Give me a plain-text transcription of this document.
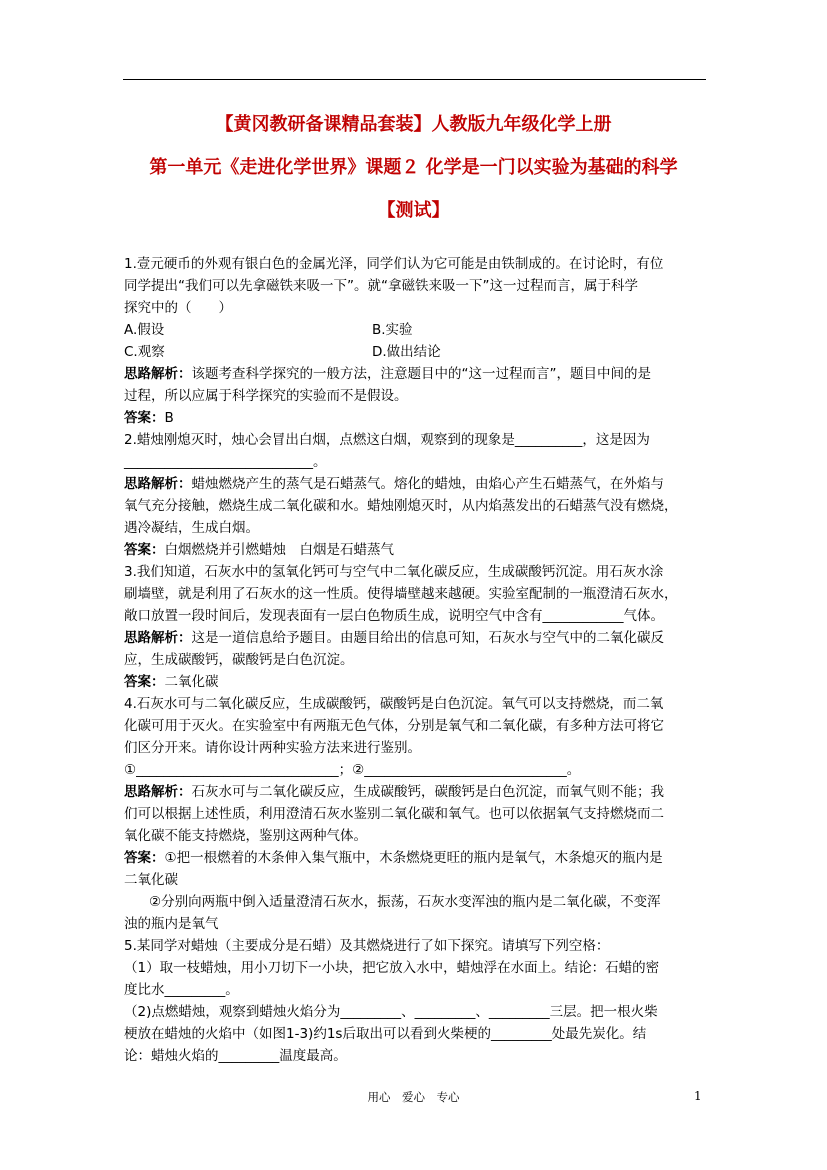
【黄冈教研备课精品套装】人教版九年级化学上册
第一单元《走进化学世界》课题２ 化学是一门以实验为基础的科学
【测试】

1.壹元硬币的外观有银白色的金属光泽，同学们认为它可能是由铁制成的。在讨论时，有位

同学提出“我们可以先拿磁铁来吸一下”。就“拿磁铁来吸一下”这一过程而言，属于科学

探究中的（　　）

A.假设	B.实验
C.观察	D.做出结论

思路解析：该题考查科学探究的一般方法，注意题目中的“这一过程而言”，题目中间的是

过程，所以应属于科学探究的实验而不是假设。

答案：B

2.蜡烛刚熄灭时，烛心会冒出白烟，点燃这白烟，观察到的现象是__________，这是因为

____________________________。

思路解析：蜡烛燃烧产生的蒸气是石蜡蒸气。熔化的蜡烛，由焰心产生石蜡蒸气，在外焰与

氧气充分接触，燃烧生成二氧化碳和水。蜡烛刚熄灭时，从内焰蒸发出的石蜡蒸气没有燃烧，

遇冷凝结，生成白烟。

答案：白烟燃烧并引燃蜡烛　白烟是石蜡蒸气

3.我们知道，石灰水中的氢氧化钙可与空气中二氧化碳反应，生成碳酸钙沉淀。用石灰水涂

刷墙壁，就是利用了石灰水的这一性质。使得墙壁越来越硬。实验室配制的一瓶澄清石灰水，

敞口放置一段时间后，发现表面有一层白色物质生成，说明空气中含有____________气体。

思路解析：这是一道信息给予题目。由题目给出的信息可知，石灰水与空气中的二氧化碳反

应，生成碳酸钙，碳酸钙是白色沉淀。

答案：二氧化碳

4.石灰水可与二氧化碳反应，生成碳酸钙，碳酸钙是白色沉淀。氧气可以支持燃烧，而二氧

化碳可用于灭火。在实验室中有两瓶无色气体，分别是氧气和二氧化碳，有多种方法可将它

们区分开来。请你设计两种实验方法来进行鉴别。

①______________________________；②______________________________。

思路解析：石灰水可与二氧化碳反应，生成碳酸钙，碳酸钙是白色沉淀，而氧气则不能；我

们可以根据上述性质，利用澄清石灰水鉴别二氧化碳和氧气。也可以依据氧气支持燃烧而二

氧化碳不能支持燃烧，鉴别这两种气体。

答案：①把一根燃着的木条伸入集气瓶中，木条燃烧更旺的瓶内是氧气，木条熄灭的瓶内是

二氧化碳

②分别向两瓶中倒入适量澄清石灰水，振荡，石灰水变浑浊的瓶内是二氧化碳，不变浑

浊的瓶内是氧气

5.某同学对蜡烛（主要成分是石蜡）及其燃烧进行了如下探究。请填写下列空格：

（1）取一枝蜡烛，用小刀切下一小块，把它放入水中，蜡烛浮在水面上。结论：石蜡的密

度比水_________。

（2)点燃蜡烛，观察到蜡烛火焰分为_________、_________、_________三层。把一根火柴

梗放在蜡烛的火焰中（如图1-3)约1s后取出可以看到火柴梗的_________处最先炭化。结

论：蜡烛火焰的_________温度最高。

用心　爱心　专心	1
